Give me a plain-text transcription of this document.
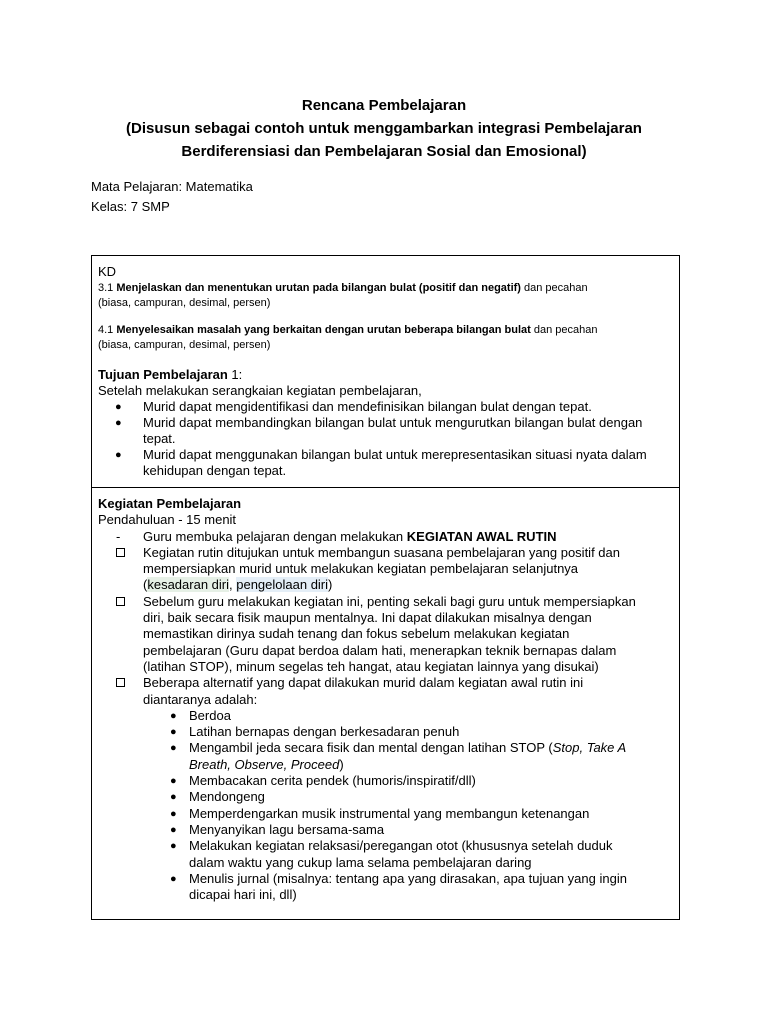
Rencana Pembelajaran
(Disusun sebagai contoh untuk menggambarkan integrasi Pembelajaran
Berdiferensiasi dan Pembelajaran Sosial dan Emosional)
Mata Pelajaran: Matematika
Kelas: 7 SMP
KD
3.1 Menjelaskan dan menentukan urutan pada bilangan bulat (positif dan negatif) dan pecahan
(biasa, campuran, desimal, persen)
4.1 Menyelesaikan masalah yang berkaitan dengan urutan beberapa bilangan bulat dan pecahan
(biasa, campuran, desimal, persen)
Tujuan Pembelajaran 1:
Setelah melakukan serangkaian kegiatan pembelajaran,
● Murid dapat mengidentifikasi dan mendefinisikan bilangan bulat dengan tepat.
● Murid dapat membandingkan bilangan bulat untuk mengurutkan bilangan bulat dengan
tepat.
● Murid dapat menggunakan bilangan bulat untuk merepresentasikan situasi nyata dalam
kehidupan dengan tepat.
Kegiatan Pembelajaran
Pendahuluan - 15 menit
- Guru membuka pelajaran dengan melakukan KEGIATAN AWAL RUTIN
Kegiatan rutin ditujukan untuk membangun suasana pembelajaran yang positif dan
mempersiapkan murid untuk melakukan kegiatan pembelajaran selanjutnya
(kesadaran diri, pengelolaan diri)
Sebelum guru melakukan kegiatan ini, penting sekali bagi guru untuk mempersiapkan
diri, baik secara fisik maupun mentalnya. Ini dapat dilakukan misalnya dengan
memastikan dirinya sudah tenang dan fokus sebelum melakukan kegiatan
pembelajaran (Guru dapat berdoa dalam hati, menerapkan teknik bernapas dalam
(latihan STOP), minum segelas teh hangat, atau kegiatan lainnya yang disukai)
Beberapa alternatif yang dapat dilakukan murid dalam kegiatan awal rutin ini
diantaranya adalah:
● Berdoa
● Latihan bernapas dengan berkesadaran penuh
● Mengambil jeda secara fisik dan mental dengan latihan STOP (Stop, Take A
Breath, Observe, Proceed)
● Membacakan cerita pendek (humoris/inspiratif/dll)
● Mendongeng
● Memperdengarkan musik instrumental yang membangun ketenangan
● Menyanyikan lagu bersama-sama
● Melakukan kegiatan relaksasi/peregangan otot (khususnya setelah duduk
dalam waktu yang cukup lama selama pembelajaran daring
● Menulis jurnal (misalnya: tentang apa yang dirasakan, apa tujuan yang ingin
dicapai hari ini, dll)
